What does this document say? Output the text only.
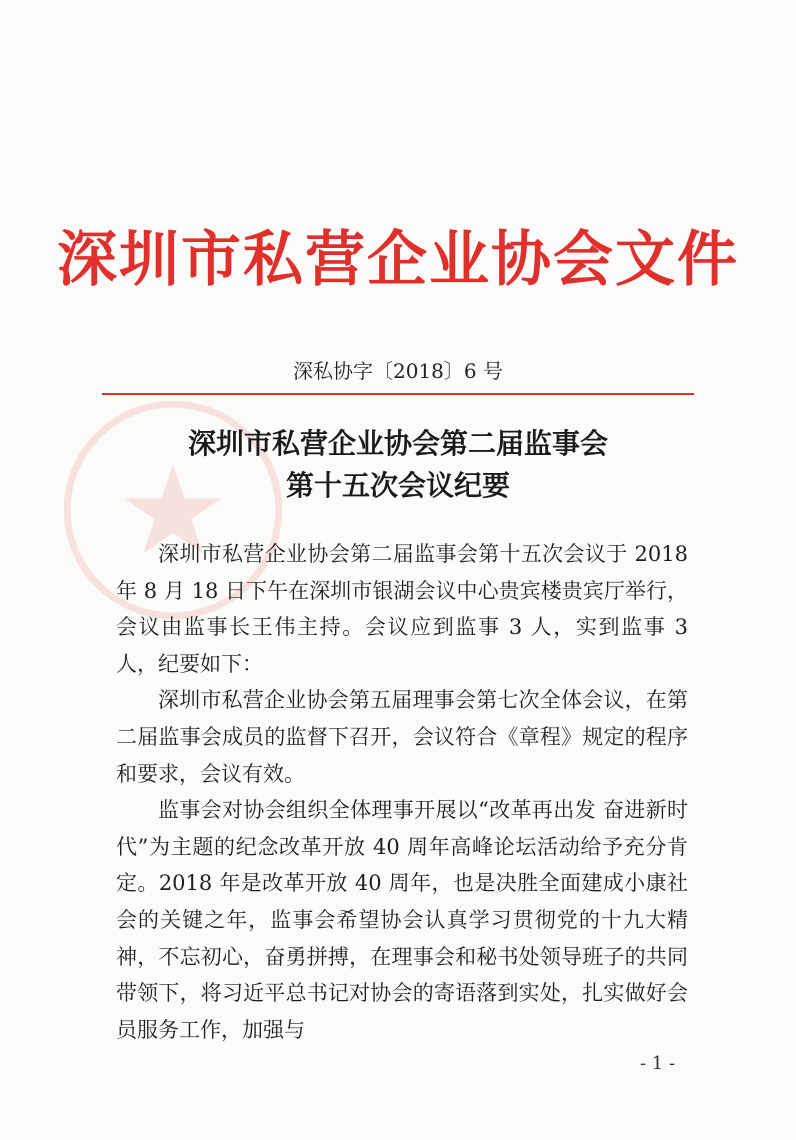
深圳市私营企业协会文件
深私协字〔2018〕6 号
深圳市私营企业协会第二届监事会
第十五次会议纪要

深圳市私营企业协会第二届监事会第十五次会议于 2018 年 8 月 18 日下午在深圳市银湖会议中心贵宾楼贵宾厅举行，会议由监事长王伟主持。会议应到监事 3 人，实到监事 3 人，纪要如下：

深圳市私营企业协会第五届理事会第七次全体会议，在第二届监事会成员的监督下召开，会议符合《章程》规定的程序和要求，会议有效。

监事会对协会组织全体理事开展以“改革再出发 奋进新时代”为主题的纪念改革开放 40 周年高峰论坛活动给予充分肯定。2018 年是改革开放 40 周年，也是决胜全面建成小康社会的关键之年，监事会希望协会认真学习贯彻党的十九大精神，不忘初心，奋勇拼搏，在理事会和秘书处领导班子的共同带领下，将习近平总书记对协会的寄语落到实处，扎实做好会员服务工作，加强与

- 1 -
